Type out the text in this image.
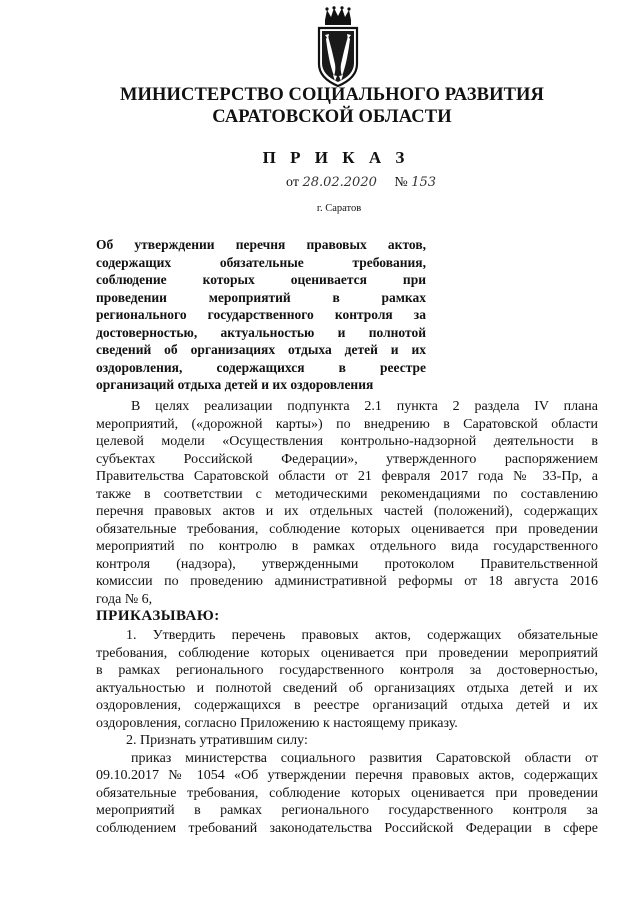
МИНИСТЕРСТВО СОЦИАЛЬНОГО РАЗВИТИЯ
САРАТОВСКОЙ ОБЛАСТИ
П Р И К А З
от 28.02.2020 № 153
г. Саратов
Об утверждении перечня правовых актов,
содержащих обязательные требования,
соблюдение которых оценивается при
проведении мероприятий в рамках
регионального государственного контроля за
достоверностью, актуальностью и полнотой
сведений об организациях отдыха детей и их
оздоровления, содержащихся в реестре
организаций отдыха детей и их оздоровления
В целях реализации подпункта 2.1 пункта 2 раздела IV плана
мероприятий, («дорожной карты») по внедрению в Саратовской области
целевой модели «Осуществления контрольно-надзорной деятельности в
субъектах Российской Федерации», утвержденного распоряжением
Правительства Саратовской области от 21 февраля 2017 года № 33-Пр, а
также в соответствии с методическими рекомендациями по составлению
перечня правовых актов и их отдельных частей (положений), содержащих
обязательные требования, соблюдение которых оценивается при проведении
мероприятий по контролю в рамках отдельного вида государственного
контроля (надзора), утвержденными протоколом Правительственной
комиссии по проведению административной реформы от 18 августа 2016
года № 6,
ПРИКАЗЫВАЮ:
1. Утвердить перечень правовых актов, содержащих обязательные
требования, соблюдение которых оценивается при проведении мероприятий
в рамках регионального государственного контроля за достоверностью,
актуальностью и полнотой сведений об организациях отдыха детей и их
оздоровления, содержащихся в реестре организаций отдыха детей и их
оздоровления, согласно Приложению к настоящему приказу.
2. Признать утратившим силу:
приказ министерства социального развития Саратовской области от
09.10.2017 № 1054 «Об утверждении перечня правовых актов, содержащих
обязательные требования, соблюдение которых оценивается при проведении
мероприятий в рамках регионального государственного контроля за
соблюдением требований законодательства Российской Федерации в сфере
